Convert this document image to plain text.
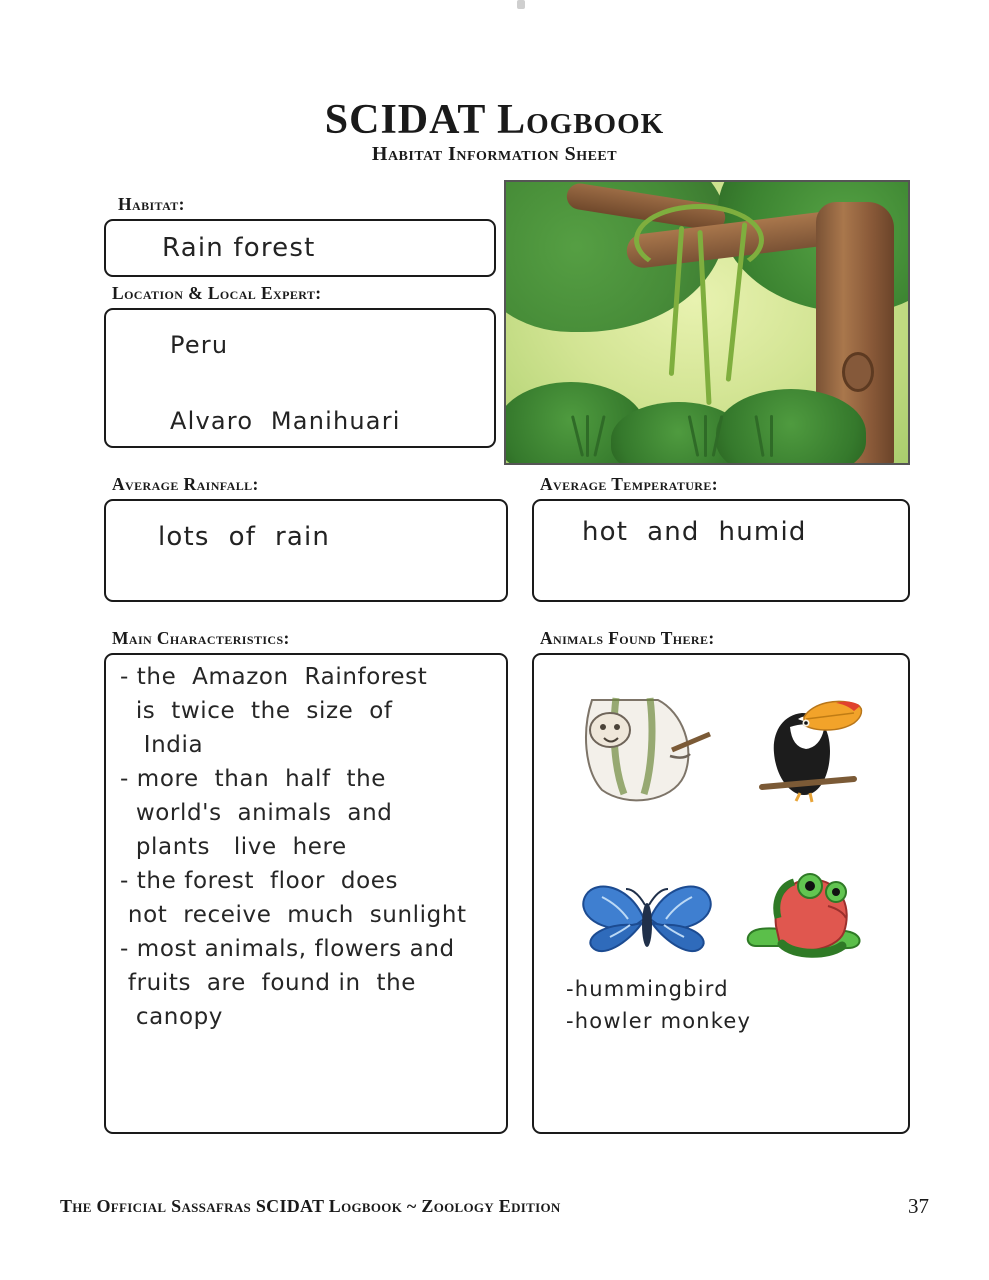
SCIDAT Logbook
Habitat Information Sheet
Habitat:
Rain forest
Location & Local Expert:
Peru
Alvaro  Manihuari
Average Rainfall:
lots  of  rain
Average Temperature:
hot  and  humid
Main Characteristics:
- the  Amazon  Rainforest
is  twice  the  size  of
India
- more  than  half  the
world's  animals  and
plants   live  here
- the forest  floor  does
not  receive  much  sunlight
- most animals, flowers and
fruits  are  found in  the
canopy
Animals Found There:
-hummingbird
-howler monkey
The Official Sassafras SCIDAT Logbook ~ Zoology Edition	37
